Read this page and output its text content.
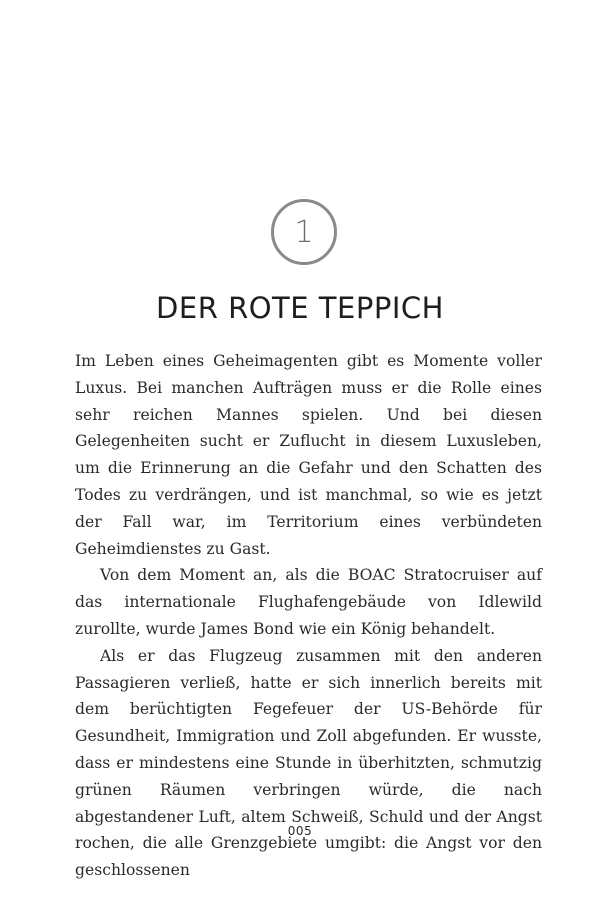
1
DER ROTE TEPPICH

Im Leben eines Geheimagenten gibt es Momente voller Luxus. Bei manchen Aufträgen muss er die Rolle eines sehr reichen Mannes spielen. Und bei diesen Gelegenheiten sucht er Zuflucht in diesem Luxusleben, um die Erinnerung an die Gefahr und den Schatten des Todes zu verdrängen, und ist manchmal, so wie es jetzt der Fall war, im Territorium eines verbündeten Geheimdienstes zu Gast.

Von dem Moment an, als die BOAC Stratocruiser auf das internationale Flughafengebäude von Idlewild zurollte, wurde James Bond wie ein König behandelt.

Als er das Flugzeug zusammen mit den anderen Passagieren verließ, hatte er sich innerlich bereits mit dem berüchtigten Fegefeuer der US-Behörde für Gesundheit, Immigration und Zoll abgefunden. Er wusste, dass er mindestens eine Stunde in überhitzten, schmutzig grünen Räumen verbringen würde, die nach abgestandener Luft, altem Schweiß, Schuld und der Angst rochen, die alle Grenzgebiete umgibt: die Angst vor den geschlossenen

005
